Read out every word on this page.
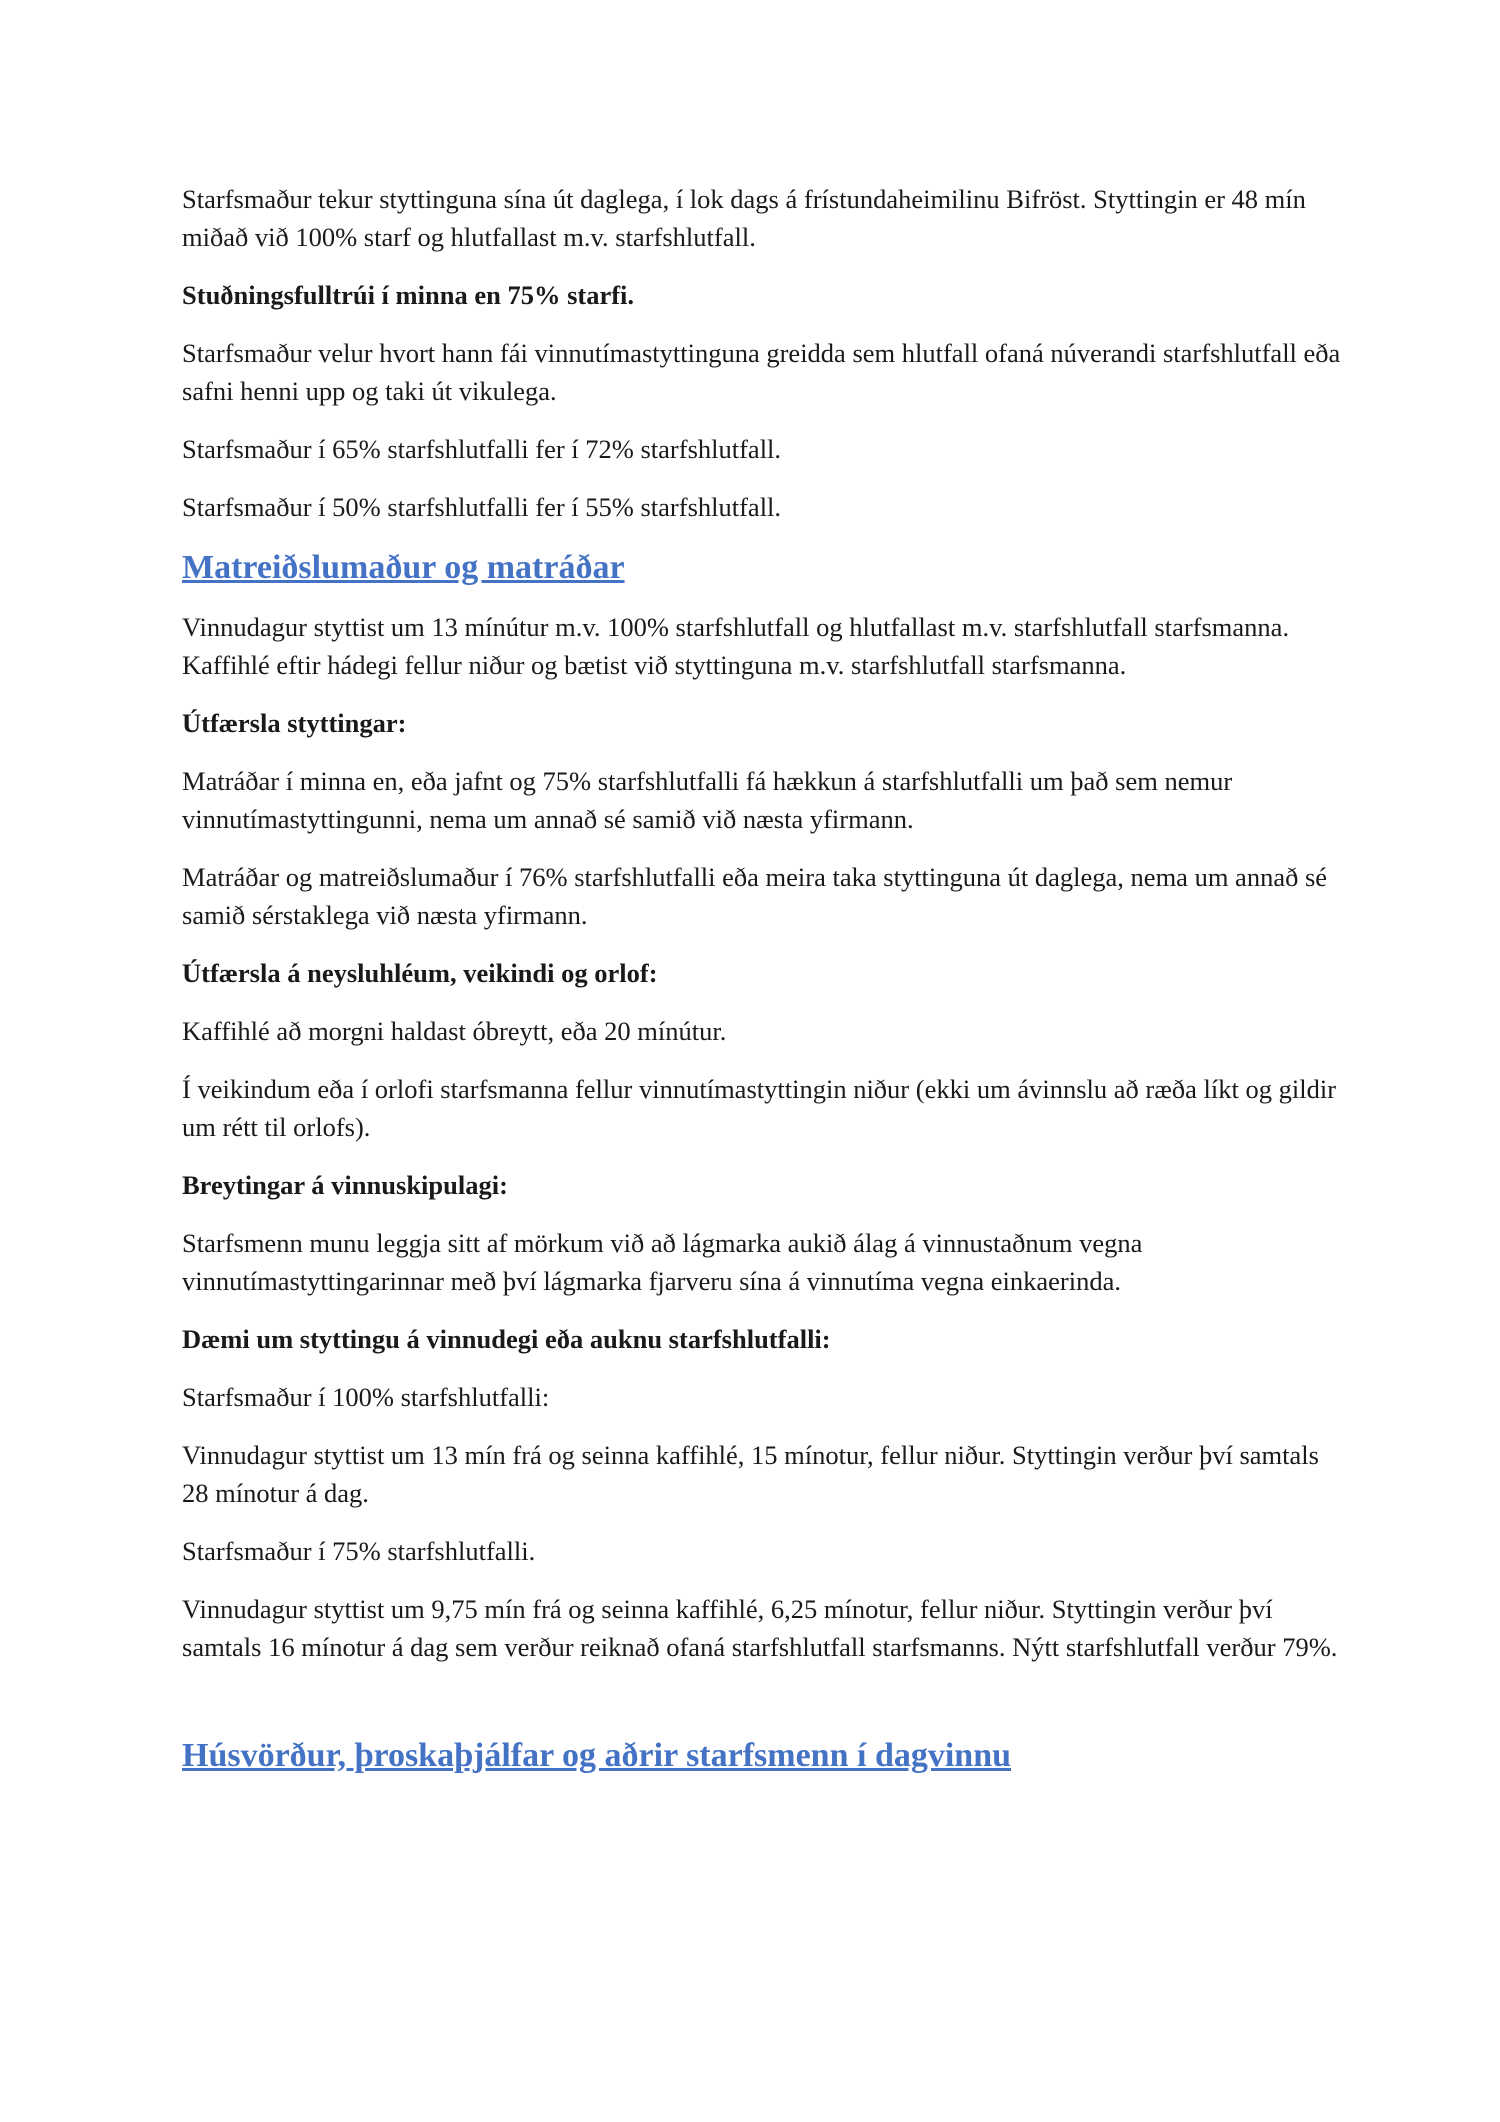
Starfsmaður tekur styttinguna sína út daglega, í lok dags á frístundaheimilinu Bifröst. Styttingin er 48 mín miðað við 100% starf og hlutfallast m.v. starfshlutfall.

Stuðningsfulltrúi í minna en 75% starfi.

Starfsmaður velur hvort hann fái vinnutímastyttinguna greidda sem hlutfall ofaná núverandi starfshlutfall eða safni henni upp og taki út vikulega.

Starfsmaður í 65% starfshlutfalli fer í 72% starfshlutfall.

Starfsmaður í 50% starfshlutfalli fer í 55% starfshlutfall.

Matreiðslumaður og matráðar

Vinnudagur styttist um 13 mínútur m.v. 100% starfshlutfall og hlutfallast m.v. starfshlutfall starfsmanna. Kaffihlé eftir hádegi fellur niður og bætist við styttinguna m.v. starfshlutfall starfsmanna.

Útfærsla styttingar:

Matráðar í minna en, eða jafnt og 75% starfshlutfalli fá hækkun á starfshlutfalli um það sem nemur vinnutímastyttingunni, nema um annað sé samið við næsta yfirmann.

Matráðar og matreiðslumaður í 76% starfshlutfalli eða meira taka styttinguna út daglega, nema um annað sé samið sérstaklega við næsta yfirmann.

Útfærsla á neysluhléum, veikindi og orlof:

Kaffihlé að morgni haldast óbreytt, eða 20 mínútur.

Í veikindum eða í orlofi starfsmanna fellur vinnutímastyttingin niður (ekki um ávinnslu að ræða líkt og gildir um rétt til orlofs).

Breytingar á vinnuskipulagi:

Starfsmenn munu leggja sitt af mörkum við að lágmarka aukið álag á vinnustaðnum vegna vinnutímastyttingarinnar með því lágmarka fjarveru sína á vinnutíma vegna einkaerinda.

Dæmi um styttingu á vinnudegi eða auknu starfshlutfalli:

Starfsmaður í 100% starfshlutfalli:

Vinnudagur styttist um 13 mín frá og seinna kaffihlé, 15 mínotur, fellur niður. Styttingin verður því samtals 28 mínotur á dag.

Starfsmaður í 75% starfshlutfalli.

Vinnudagur styttist um 9,75 mín frá og seinna kaffihlé, 6,25 mínotur, fellur niður. Styttingin verður því samtals 16 mínotur á dag sem verður reiknað ofaná starfshlutfall starfsmanns. Nýtt starfshlutfall verður 79%.

Húsvörður, þroskaþjálfar og aðrir starfsmenn í dagvinnu
